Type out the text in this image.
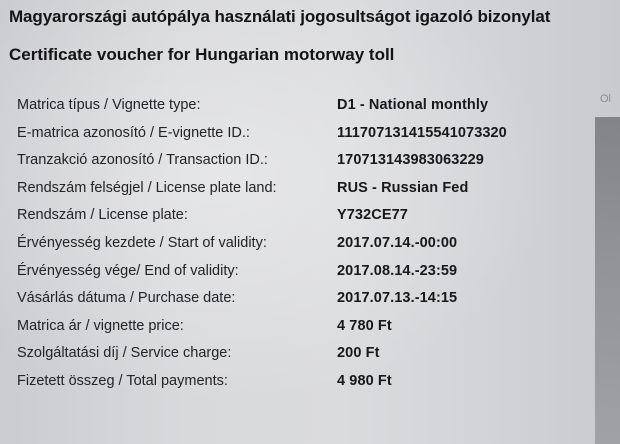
Magyarországi autópálya használati jogosultságot igazoló bizonylat
Certificate voucher for Hungarian motorway toll
Matrica típus / Vignette type:	D1 - National monthly
E-matrica azonosító / E-vignette ID.:	111707131415541073320
Tranzakció azonosító / Transaction ID.:	170713143983063229
Rendszám felségjel / License plate land:	RUS - Russian Fed
Rendszám / License plate:	Y732CE77
Érvényesség kezdete / Start of validity:	2017.07.14.-00:00
Érvényesség vége/ End of validity:	2017.08.14.-23:59
Vásárlás dátuma / Purchase date:	2017.07.13.-14:15
Matrica ár / vignette price:	4 780 Ft
Szolgáltatási díj / Service charge:	200 Ft
Fizetett összeg / Total payments:	4 980 Ft
Ol
